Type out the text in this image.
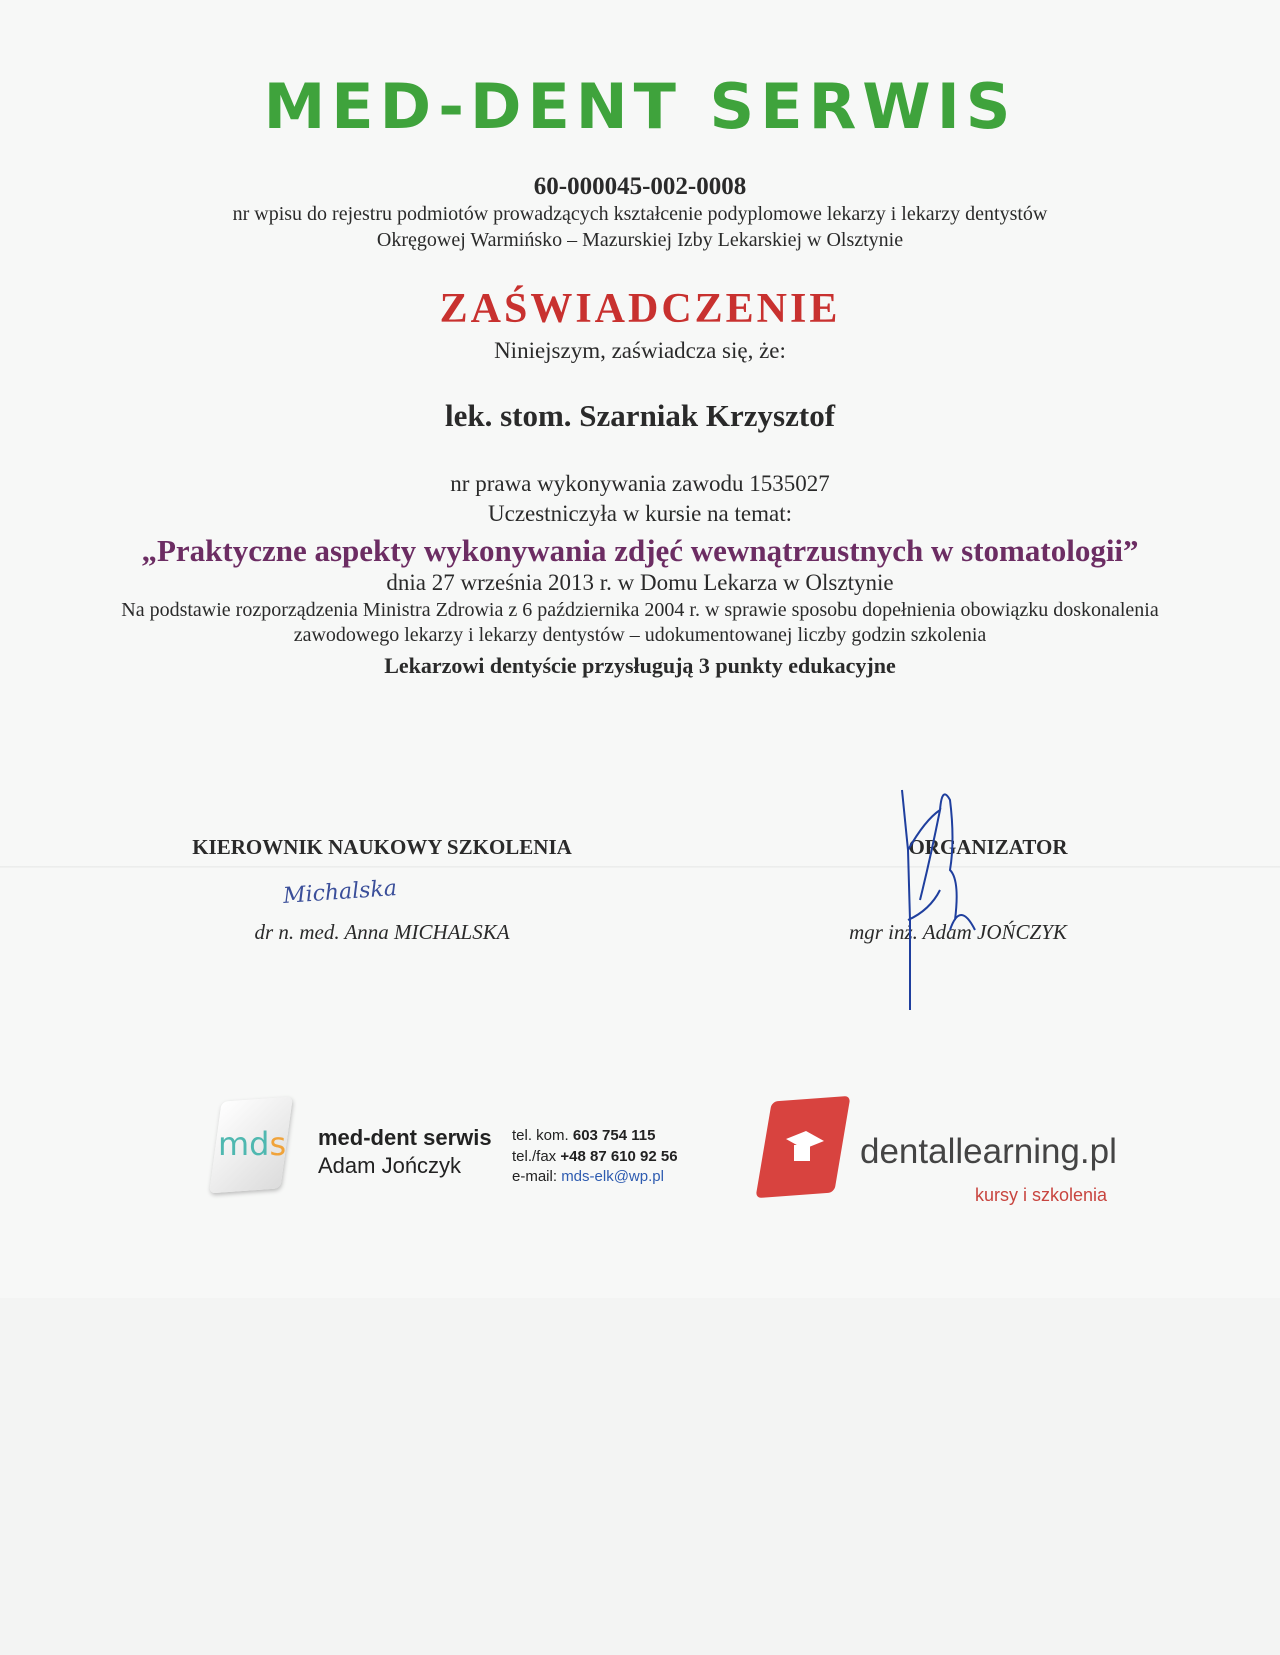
MED-DENT SERWIS
60-000045-002-0008
nr wpisu do rejestru podmiotów prowadzących kształcenie podyplomowe lekarzy i lekarzy dentystów
Okręgowej Warmińsko – Mazurskiej Izby Lekarskiej w Olsztynie
ZAŚWIADCZENIE
Niniejszym, zaświadcza się, że:
lek. stom. Szarniak Krzysztof
nr prawa wykonywania zawodu 1535027
Uczestniczyła w kursie na temat:
„Praktyczne aspekty wykonywania zdjęć wewnątrzustnych w stomatologii”
dnia 27 września 2013 r. w Domu Lekarza w Olsztynie
Na podstawie rozporządzenia Ministra Zdrowia z 6 października 2004 r. w sprawie sposobu dopełnienia obowiązku doskonalenia
zawodowego lekarzy i lekarzy dentystów – udokumentowanej liczby godzin szkolenia
Lekarzowi dentyście przysługują 3 punkty edukacyjne
KIEROWNIK NAUKOWY SZKOLENIA
Michalska
dr n. med. Anna MICHALSKA
ORGANIZATOR
mgr inż. Adam JOŃCZYK
mds med-dent serwis
Adam Jończyk
tel. kom. 603 754 115
tel./fax +48 87 610 92 56
e-mail: mds-elk@wp.pl
dentallearning.pl
kursy i szkolenia
